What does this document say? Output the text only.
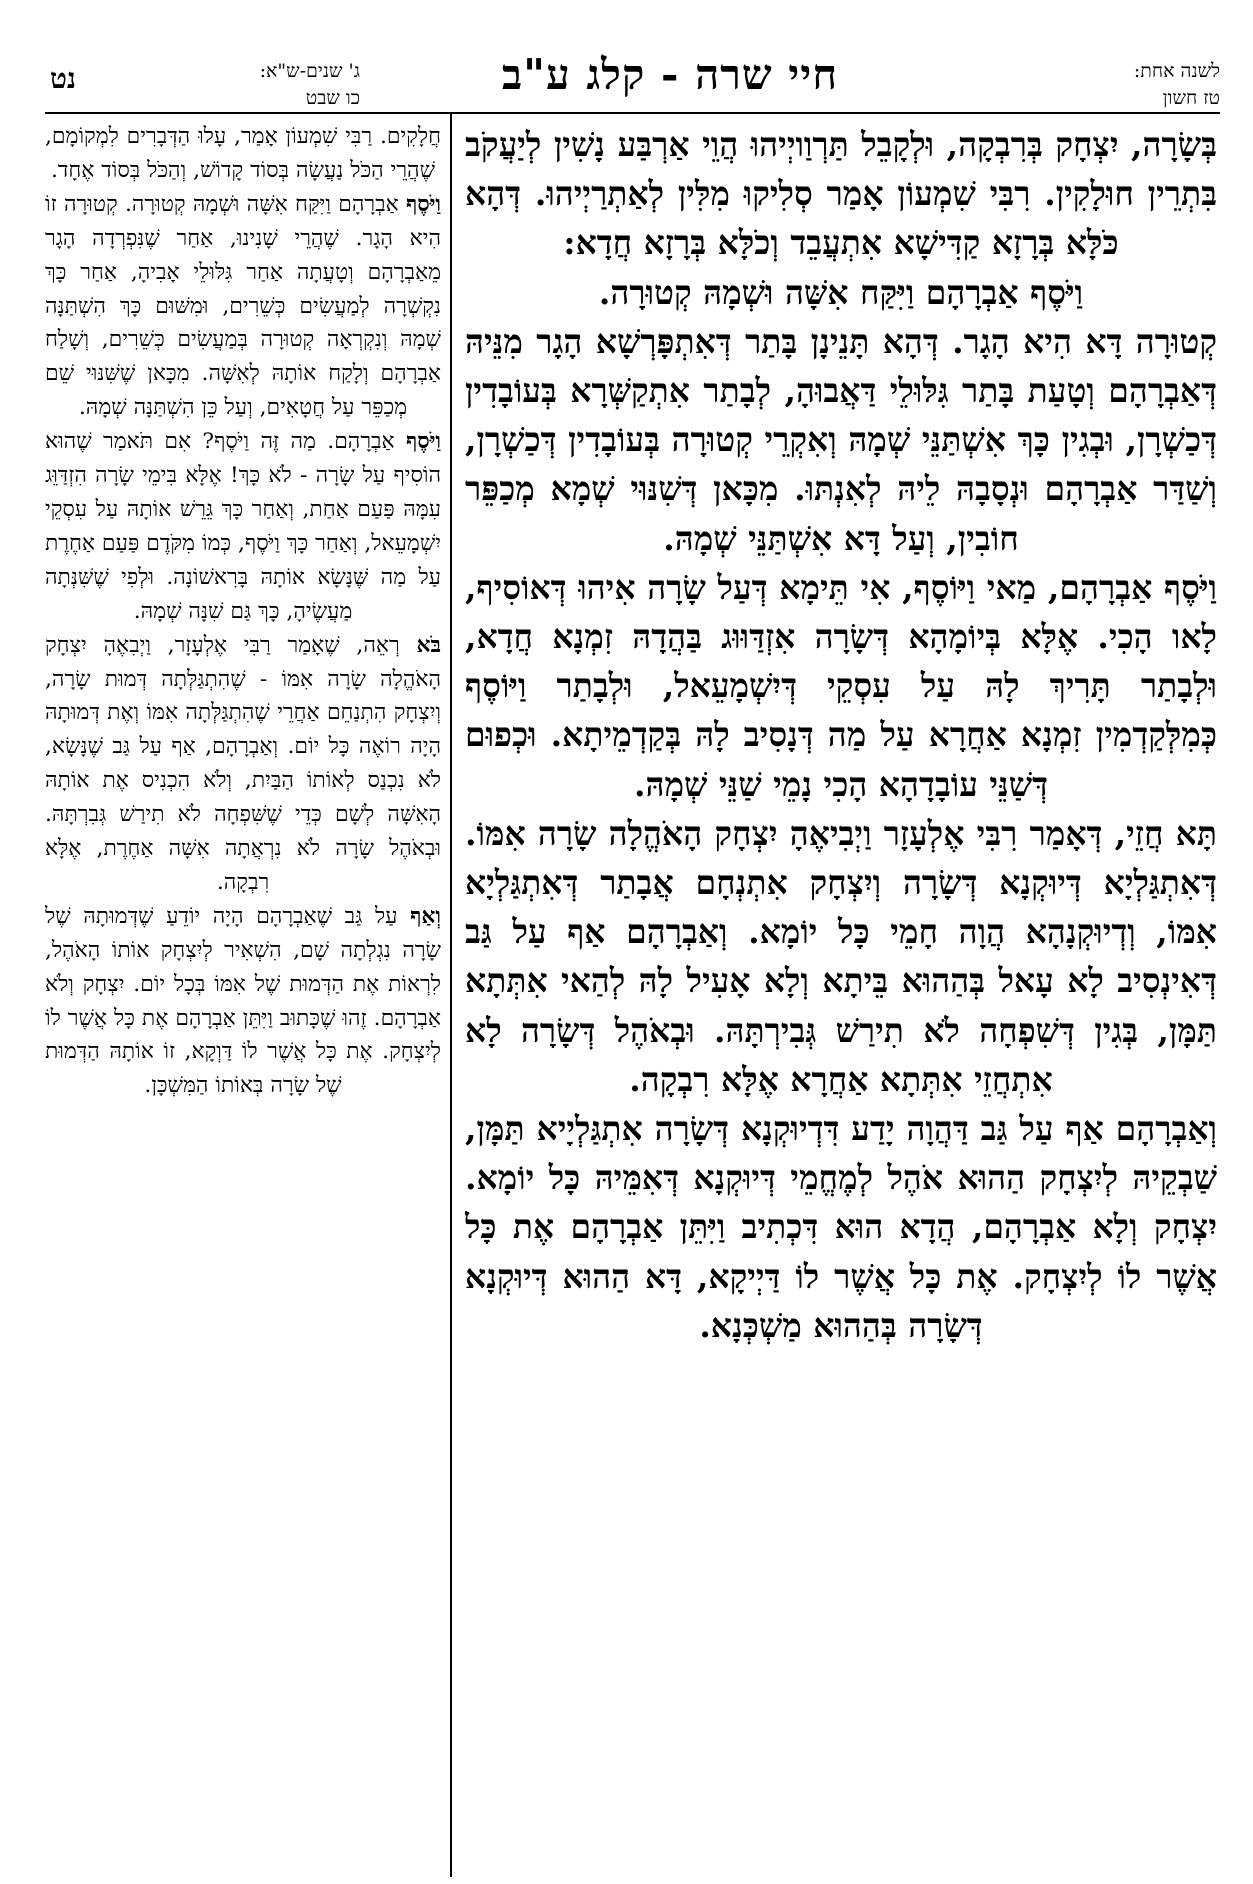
לשנה אחת:
טז חשון
חיי שרה - קלג ע"ב
ג' שנים-ש"א:
כו שבט
נט

בְּשָׂרָה, יִצְחָק בְּרִבְקָה, וּלְקָבֵל תַּרְוַויְיהוּ הֲוֵי אַרְבַּע נָשִׁין לְיַעֲקֹב בִּתְרֵין חוּלָקִין. רִבִּי שִׁמְעוֹן אָמַר סְלִיקוּ מִלִּין לְאַתְרַיְיהוּ. דְּהָא כֹּלָּא בְּרָזָא קַדִּישָׁא אִתְעֲבֵד וְכֹלָּא בְּרָזָא חֲדָא:

וַיֹּסֶף אַבְרָהָם וַיִּקַּח אִשָּׁה וּשְׁמָהּ קְטוּרָה.

קְטוּרָה דָּא הִיא הָגָר. דְּהָא תָּנֵינָן בָּתַר דְּאִתְפָּרְשָׁא הָגָר מִנֵּיהּ דְּאַבְרָהָם וְטָעַת בָּתַר גִּלּוּלֵי דַּאֲבוּהָ, לְבָתַר אִתְקַשְּׁרָא בְּעוֹבָדִין דְּכַשְׁרָן, וּבְגִין כָּךְ אִשְׁתַּנֵּי שְׁמָהּ וְאִקְרֵי קְטוּרָה בְּעוֹבָדִין דְּכַשְׁרָן, וְשַׁדַּר אַבְרָהָם וּנְסָבָהּ לֵיהּ לְאִנְתּוּ. מִכָּאן דְּשִׁנּוּי שְׁמָא מְכַפֵּר חוֹבִין, וְעַל דָּא אִשְׁתַּנֵּי שְׁמָהּ.

וַיֹּסֶף אַבְרָהָם, מַאי וַיּוֹסֶף, אִי תֵּימָא דְּעַל שָׂרָה אִיהוּ דְּאוֹסִיף, לָאו הָכִי. אֶלָּא בְּיוֹמָהָא דְּשָׂרָה אִזְדַּוּוּג בַּהֲדָהּ זִמְנָא חֲדָא, וּלְבָתַר תָּרִיךְ לָהּ עַל עִסְקֵי דְּיִשְׁמָעֵאל, וּלְבָתַר וַיּוֹסֶף כְּמִלְּקַדְמִין זִמְנָא אַחֲרָא עַל מַה דְּנָסִיב לָהּ בְּקַדְמֵיתָא. וּכְפוּם דְּשַׁנֵּי עוֹבָדָהָא הָכִי נָמֵי שַׁנֵּי שְׁמָהּ.

תָּא חֲזֵי, דְּאָמַר רִבִּי אֶלְעָזָר וַיְבִיאֶהָ יִצְחָק הָאֹהֱלָה שָׂרָה אִמּוֹ. דְּאִתְגַּלְיָא דְּיוּקְנָא דְּשָׂרָה וְיִצְחָק אִתְנְחָם אֲבָתַר דְּאִתְגַּלְיָא אִמּוֹ, וְדְיוּקְנָהָא הֲוָה חָמֵי כָּל יוֹמָא. וְאַבְרָהָם אַף עַל גַּב דְּאִינְסִיב לָא עָאל בְּהַהוּא בֵּיתָא וְלָא אָעִיל לָהּ לְהַאי אִתְּתָא תַּמָּן, בְּגִין דְּשִׁפְחָה לֹא תִירַשׁ גְּבִירְתָּהּ. וּבְאֹהֶל דְּשָׂרָה לָא אִתְחֲזֵי אִתְּתָא אַחֲרָא אֶלָּא רִבְקָה.

וְאַבְרָהָם אַף עַל גַּב דַּהֲוָה יָדַע דִּדְיוּקְנָא דְּשָׂרָה אִתְגַּלְיָיא תַּמָּן, שַׁבְקֵיהּ לְיִצְחָק הַהוּא אֹהֶל לְמֶחֱמֵי דְּיוּקְנָא דְּאִמֵּיהּ כָּל יוֹמָא. יִצְחָק וְלָא אַבְרָהָם, הֲדָא הוּא דִּכְתִיב וַיִּתֵּן אַבְרָהָם אֶת כָּל אֲשֶׁר לוֹ לְיִצְחָק. אֶת כָּל אֲשֶׁר לוֹ דַּיְיקָא, דָּא הַהוּא דְּיוּקְנָא דְּשָׂרָה בְּהַהוּא מַשְׁכְּנָא.

חֲלָקִים. רַבִּי שִׁמְעוֹן אָמַר, עָלוּ הַדְּבָרִים לִמְקוֹמָם, שֶׁהֲרֵי הַכֹּל נַעֲשָׂה בְּסוֹד קָדוֹשׁ, וְהַכֹּל בְּסוֹד אֶחָד.

וַיֹּסֶף אַבְרָהָם וַיִּקַּח אִשָּׁה וּשְׁמָהּ קְטוּרָה. קְטוּרָה זוֹ הִיא הָגָר. שֶׁהֲרֵי שָׁנִינוּ, אַחַר שֶׁנִּפְרְדָה הָגָר מֵאַבְרָהָם וְטָעֲתָה אַחַר גִּלּוּלֵי אָבִיהָ, אַחַר כָּךְ נִקְשְׁרָה לְמַעֲשִׂים כְּשֵׁרִים, וּמִשּׁוּם כָּךְ הִשְׁתַּנָּה שְׁמָהּ וְנִקְרְאָה קְטוּרָה בְּמַעֲשִׂים כְּשֵׁרִים, וְשָׁלַח אַבְרָהָם וְלָקַח אוֹתָהּ לְאִשָּׁה. מִכָּאן שֶׁשִּׁנּוּי שֵׁם מְכַפֵּר עַל חֲטָאִים, וְעַל כֵּן הִשְׁתַּנָּה שְׁמָהּ.

וַיֹּסֶף אַבְרָהָם. מַה זֶּה וַיֹּסֶף? אִם תֹּאמַר שֶׁהוּא הוֹסִיף עַל שָׂרָה - לֹא כָּךְ! אֶלָּא בִּימֵי שָׂרָה הִזְדַּוֵּג עִמָּהּ פַּעַם אַחַת, וְאַחַר כָּךְ גֵּרֵשׁ אוֹתָהּ עַל עִסְקֵי יִשְׁמָעֵאל, וְאַחַר כָּךְ וַיֹּסֶף, כְּמוֹ מִקֹּדֶם פַּעַם אַחֶרֶת עַל מַה שֶּׁנָּשָׂא אוֹתָהּ בָּרִאשׁוֹנָה. וּלְפִי שֶׁשִּׁנְּתָה מַעֲשֶׂיהָ, כָּךְ גַּם שִׁנָּה שְׁמָהּ.

בֹּא רְאֵה, שֶׁאָמַר רַבִּי אֶלְעָזָר, וַיְבִאֶהָ יִצְחָק הָאֹהֱלָה שָׂרָה אִמּוֹ - שֶׁהִתְגַּלְּתָה דְּמוּת שָׂרָה, וְיִצְחָק הִתְנַחֵם אַחֲרֵי שֶׁהִתְגַּלְּתָה אִמּוֹ וְאֶת דְּמוּתָהּ הָיָה רוֹאֶה כָּל יוֹם. וְאַבְרָהָם, אַף עַל גַּב שֶׁנָּשָׂא, לֹא נִכְנַס לְאוֹתוֹ הַבַּיִת, וְלֹא הִכְנִיס אֶת אוֹתָהּ הָאִשָּׁה לְשָׁם כְּדֵי שֶׁשִּׁפְחָה לֹא תִירַשׁ גְּבִרְתָּהּ. וּבְאֹהֶל שָׂרָה לֹא נִרְאֲתָה אִשָּׁה אַחֶרֶת, אֶלָּא רִבְקָה.

וְאַף עַל גַּב שֶׁאַבְרָהָם הָיָה יוֹדֵעַ שֶׁדְּמוּתָהּ שֶׁל שָׂרָה נִגְלְתָה שָׁם, הִשְׁאִיר לְיִצְחָק אוֹתוֹ הָאֹהֶל, לִרְאוֹת אֶת הַדְּמוּת שֶׁל אִמּוֹ בְּכָל יוֹם. יִצְחָק וְלֹא אַבְרָהָם. זֶהוּ שֶׁכָּתוּב וַיִּתֵּן אַבְרָהָם אֶת כָּל אֲשֶׁר לוֹ לְיִצְחָק. אֶת כָּל אֲשֶׁר לוֹ דַּוְקָא, זוֹ אוֹתָהּ הַדְּמוּת שֶׁל שָׂרָה בְּאוֹתוֹ הַמִּשְׁכָּן.
